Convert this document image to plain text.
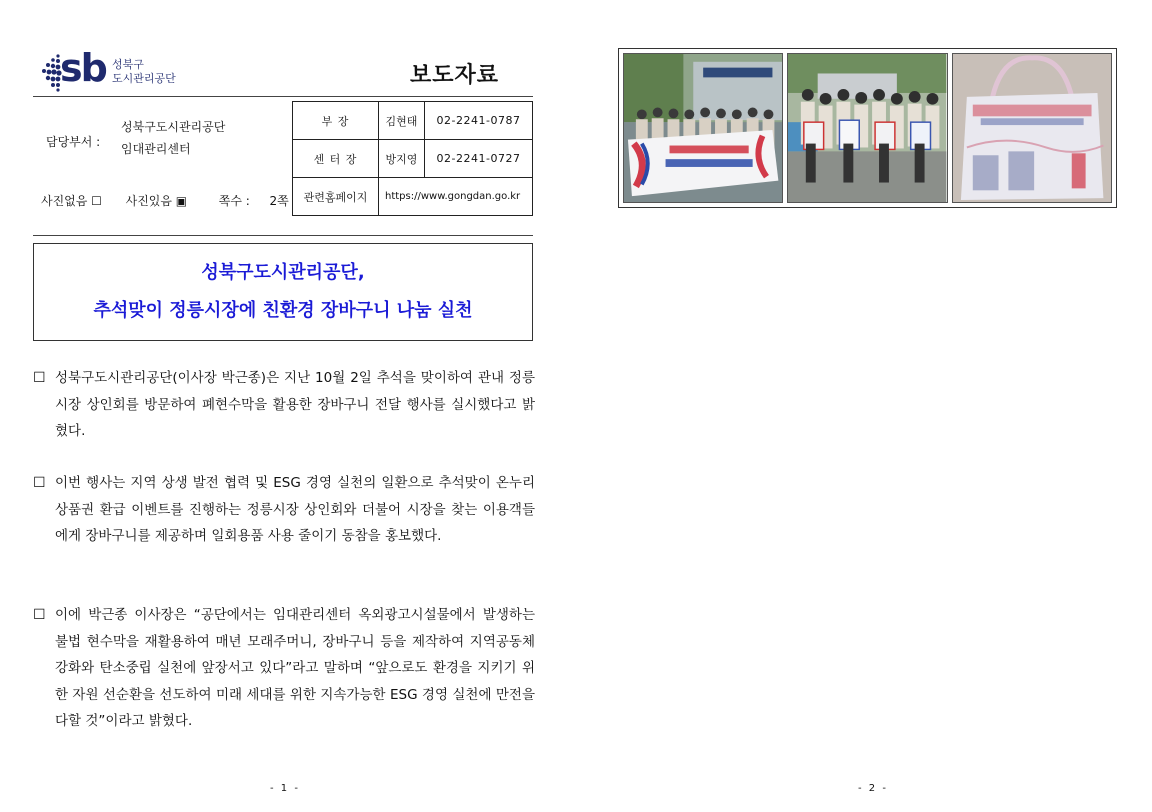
sb 성북구
도시관리공단	보도자료
담당부서 :
성북구도시관리공단
임대관리센터
사진없음 ☐ 사진있음 ▣	쪽수 : 2쪽
부 장	김현태	02-2241-0787
센 터 장	방지영	02-2241-0727
관련홈페이지	https://www.gongdan.go.kr	
성북구도시관리공단,
추석맞이 정릉시장에 친환경 장바구니 나눔 실천
☐ 성북구도시관리공단(이사장 박근종)은 지난 10월 2일 추석을 맞이하여 관내 정릉시장 상인회를 방문하여 폐현수막을 활용한 장바구니 전달 행사를 실시했다고 밝혔다.
☐ 이번 행사는 지역 상생 발전 협력 및 ESG 경영 실천의 일환으로 추석맞이 온누리상품권 환급 이벤트를 진행하는 정릉시장 상인회와 더불어 시장을 찾는 이용객들에게 장바구니를 제공하며 일회용품 사용 줄이기 동참을 홍보했다.
☐ 이에 박근종 이사장은 “공단에서는 임대관리센터 옥외광고시설물에서 발생하는 불법 현수막을 재활용하여 매년 모래주머니, 장바구니 등을 제작하여 지역공동체 강화와 탄소중립 실천에 앞장서고 있다”라고 말하며 “앞으로도 환경을 지키기 위한 자원 선순환을 선도하여 미래 세대를 위한 지속가능한 ESG 경영 실천에 만전을 다할 것”이라고 밝혔다.
- 1 -	- 2 -
